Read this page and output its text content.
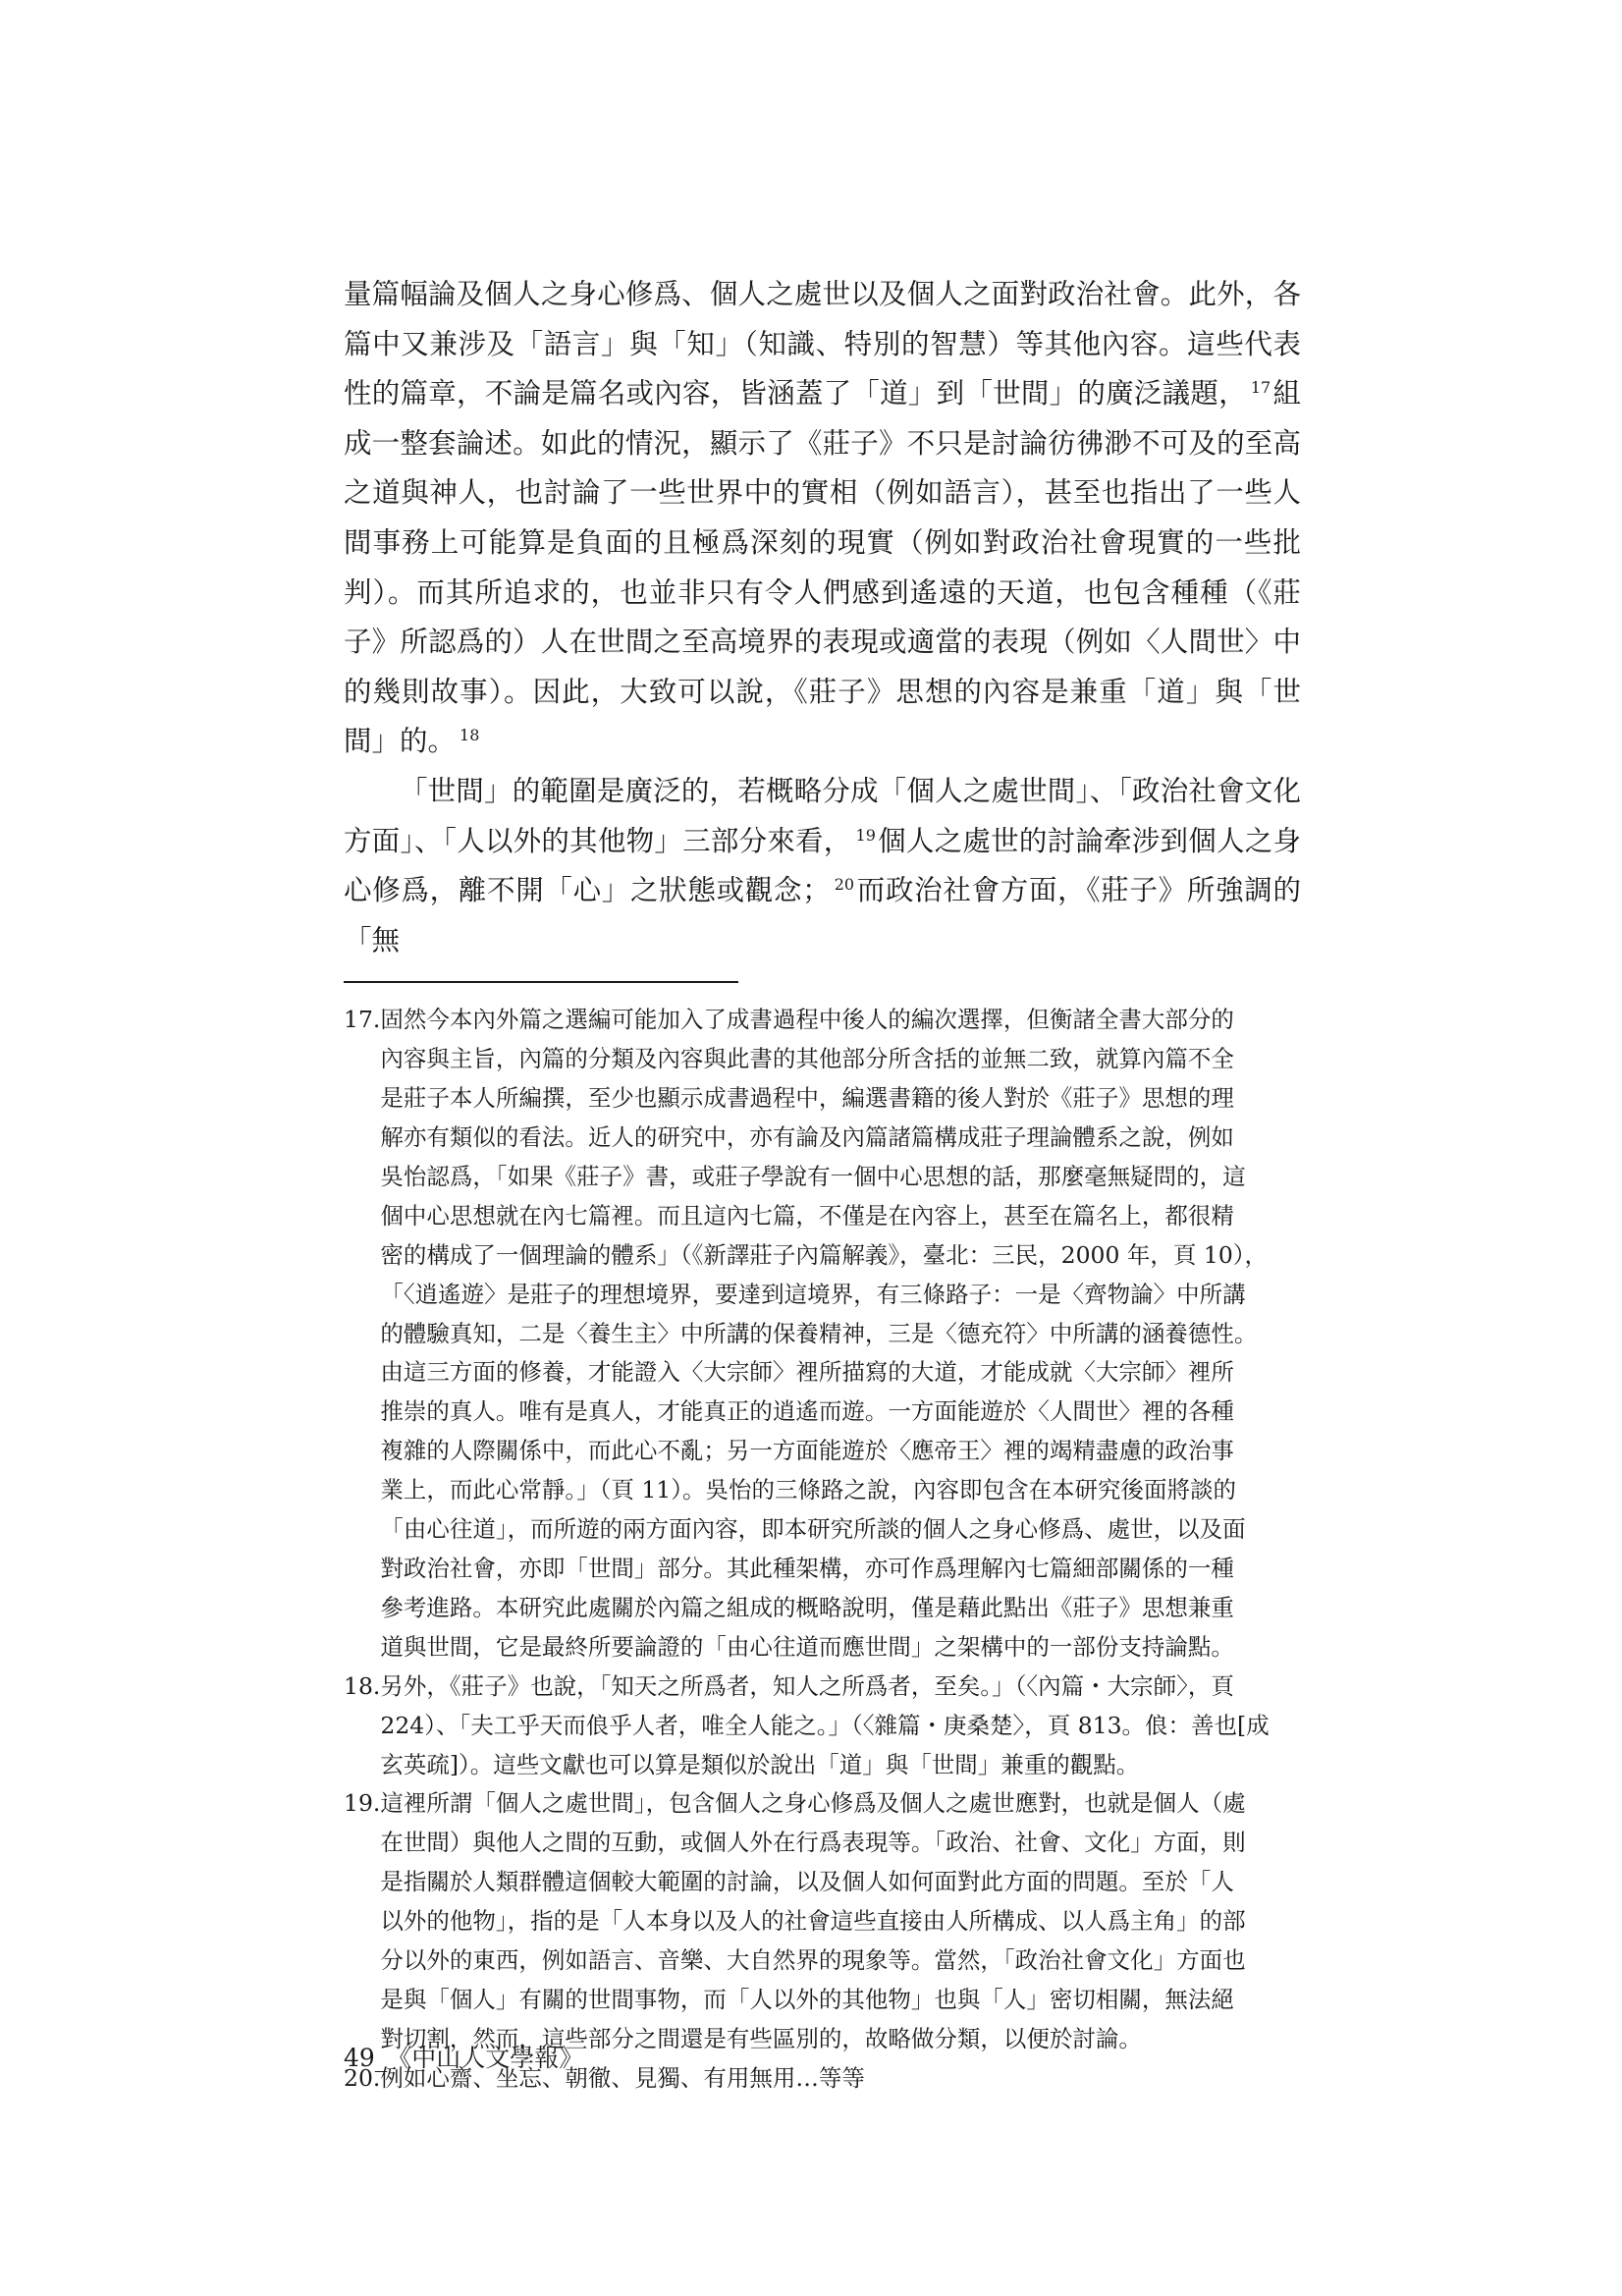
量篇幅論及個人之身心修爲、個人之處世以及個人之面對政治社會。此外，各篇中又兼涉及「語言」與「知」（知識、特別的智慧）等其他內容。這些代表性的篇章，不論是篇名或內容，皆涵蓋了「道」到「世間」的廣泛議題， $^{17}$組成一整套論述。如此的情況，顯示了《莊子》不只是討論彷彿渺不可及的至高之道與神人，也討論了一些世界中的實相（例如語言），甚至也指出了一些人間事務上可能算是負面的且極爲深刻的現實（例如對政治社會現實的一些批判）。而其所追求的，也並非只有令人們感到遙遠的天道，也包含種種（《莊子》所認爲的）人在世間之至高境界的表現或適當的表現（例如〈人間世〉中的幾則故事）。因此，大致可以說，《莊子》思想的內容是兼重「道」與「世間」的。 $^{18}$

「世間」的範圍是廣泛的，若概略分成「個人之處世間」、「政治社會文化方面」、「人以外的其他物」三部分來看， $^{19}$個人之處世的討論牽涉到個人之身心修爲，離不開「心」之狀態或觀念； $^{20}$而政治社會方面，《莊子》所強調的「無

17. 固然今本內外篇之選編可能加入了成書過程中後人的編次選擇，但衡諸全書大部分的
內容與主旨，內篇的分類及內容與此書的其他部分所含括的並無二致，就算內篇不全
是莊子本人所編撰，至少也顯示成書過程中，編選書籍的後人對於《莊子》思想的理
解亦有類似的看法。近人的研究中，亦有論及內篇諸篇構成莊子理論體系之說，例如
吳怡認爲，「如果《莊子》書，或莊子學說有一個中心思想的話，那麼毫無疑問的，這
個中心思想就在內七篇裡。而且這內七篇，不僅是在內容上，甚至在篇名上，都很精
密的構成了一個理論的體系」（《新譯莊子內篇解義》，臺北：三民，2000 年，頁 10），
「〈逍遙遊〉是莊子的理想境界，要達到這境界，有三條路子：一是〈齊物論〉中所講
的體驗真知，二是〈養生主〉中所講的保養精神，三是〈德充符〉中所講的涵養德性。
由這三方面的修養，才能證入〈大宗師〉裡所描寫的大道，才能成就〈大宗師〉裡所
推崇的真人。唯有是真人，才能真正的逍遙而遊。一方面能遊於〈人間世〉裡的各種
複雜的人際關係中，而此心不亂；另一方面能遊於〈應帝王〉裡的竭精盡慮的政治事
業上，而此心常靜。」（頁 11）。吳怡的三條路之說，內容即包含在本研究後面將談的
「由心往道」，而所遊的兩方面內容，即本研究所談的個人之身心修爲、處世，以及面
對政治社會，亦即「世間」部分。其此種架構，亦可作爲理解內七篇細部關係的一種
參考進路。本研究此處關於內篇之組成的概略說明，僅是藉此點出《莊子》思想兼重
道與世間，它是最終所要論證的「由心往道而應世間」之架構中的一部份支持論點。
18. 另外，《莊子》也說，「知天之所爲者，知人之所爲者，至矣。」（〈內篇・大宗師〉，頁
224）、「夫工乎天而俍乎人者，唯全人能之。」（〈雜篇・庚桑楚〉，頁 813。俍：善也[成
玄英疏]）。這些文獻也可以算是類似於說出「道」與「世間」兼重的觀點。
19. 這裡所謂「個人之處世間」，包含個人之身心修爲及個人之處世應對，也就是個人（處
在世間）與他人之間的互動，或個人外在行爲表現等。「政治、社會、文化」方面，則
是指關於人類群體這個較大範圍的討論，以及個人如何面對此方面的問題。至於「人
以外的他物」，指的是「人本身以及人的社會這些直接由人所構成、以人爲主角」的部
分以外的東西，例如語言、音樂、大自然界的現象等。當然，「政治社會文化」方面也
是與「個人」有關的世間事物，而「人以外的其他物」也與「人」密切相關，無法絕
對切割，然而，這些部分之間還是有些區別的，故略做分類，以便於討論。
20. 例如心齋、坐忘、朝徹、見獨、有用無用…等等
49_《中山人文學報》
